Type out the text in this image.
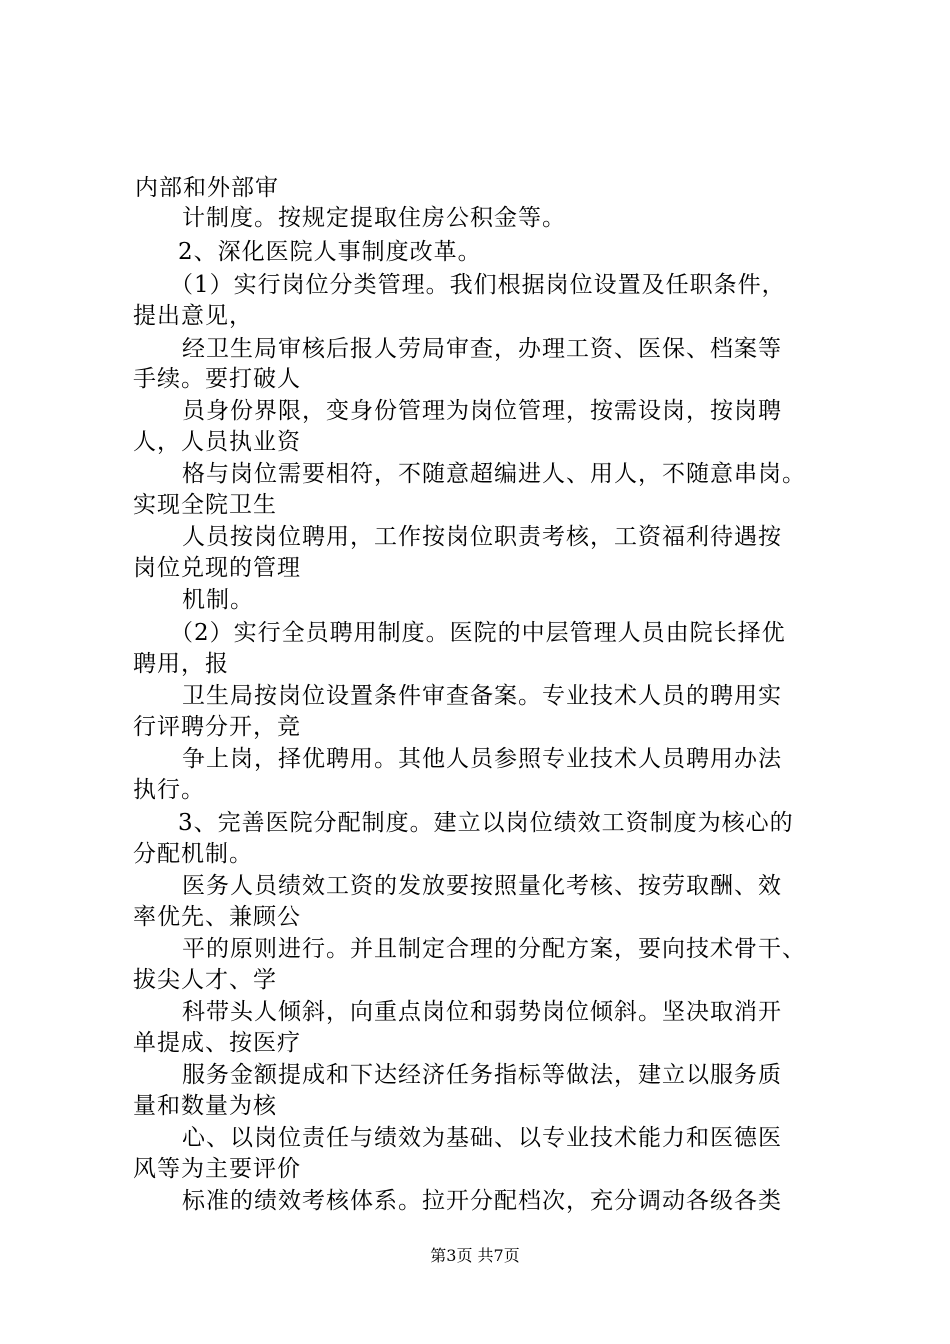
内部和外部审
计制度。按规定提取住房公积金等。
2、深化医院人事制度改革。
（1）实行岗位分类管理。我们根据岗位设置及任职条件，
提出意见，
经卫生局审核后报人劳局审查，办理工资、医保、档案等
手续。要打破人
员身份界限，变身份管理为岗位管理，按需设岗，按岗聘
人，人员执业资
格与岗位需要相符，不随意超编进人、用人，不随意串岗。
实现全院卫生
人员按岗位聘用，工作按岗位职责考核，工资福利待遇按
岗位兑现的管理
机制。
（2）实行全员聘用制度。医院的中层管理人员由院长择优
聘用，报
卫生局按岗位设置条件审查备案。专业技术人员的聘用实
行评聘分开，竞
争上岗，择优聘用。其他人员参照专业技术人员聘用办法
执行。
3、完善医院分配制度。建立以岗位绩效工资制度为核心的
分配机制。
医务人员绩效工资的发放要按照量化考核、按劳取酬、效
率优先、兼顾公
平的原则进行。并且制定合理的分配方案，要向技术骨干、
拔尖人才、学
科带头人倾斜，向重点岗位和弱势岗位倾斜。坚决取消开
单提成、按医疗
服务金额提成和下达经济任务指标等做法，建立以服务质
量和数量为核
心、以岗位责任与绩效为基础、以专业技术能力和医德医
风等为主要评价
标准的绩效考核体系。拉开分配档次，充分调动各级各类
第3页 共7页
